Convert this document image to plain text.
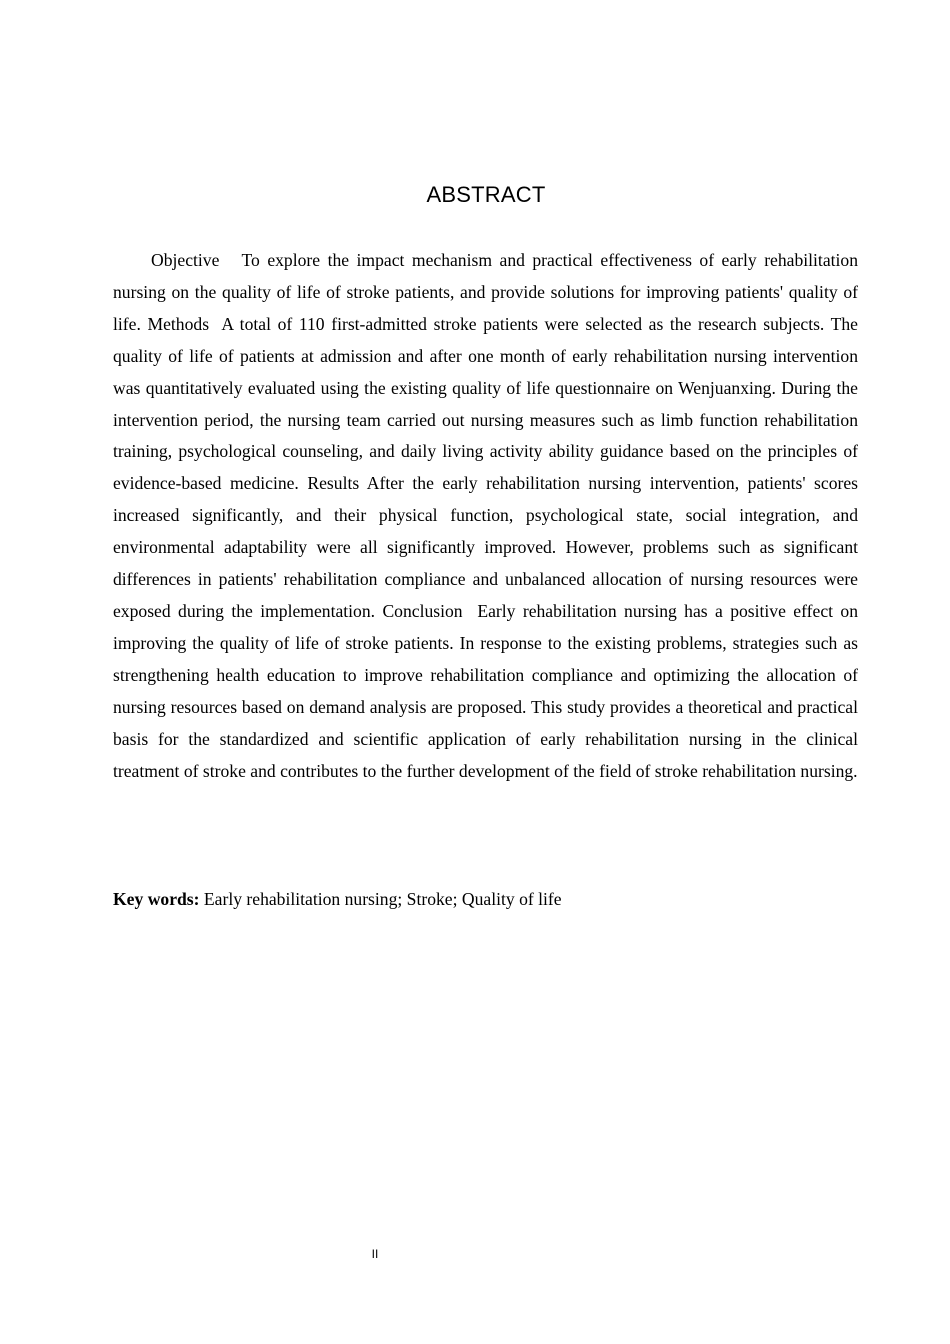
ABSTRACT

Objective To explore the impact mechanism and practical effectiveness of early rehabilitation nursing on the quality of life of stroke patients, and provide solutions for improving patients' quality of life. Methods A total of 110 first-admitted stroke patients were selected as the research subjects. The quality of life of patients at admission and after one month of early rehabilitation nursing intervention was quantitatively evaluated using the existing quality of life questionnaire on Wenjuanxing. During the intervention period, the nursing team carried out nursing measures such as limb function rehabilitation training, psychological counseling, and daily living activity ability guidance based on the principles of evidence-based medicine. Results After the early rehabilitation nursing intervention, patients' scores increased significantly, and their physical function, psychological state, social integration, and environmental adaptability were all significantly improved. However, problems such as significant differences in patients' rehabilitation compliance and unbalanced allocation of nursing resources were exposed during the implementation. Conclusion Early rehabilitation nursing has a positive effect on improving the quality of life of stroke patients. In response to the existing problems, strategies such as strengthening health education to improve rehabilitation compliance and optimizing the allocation of nursing resources based on demand analysis are proposed. This study provides a theoretical and practical basis for the standardized and scientific application of early rehabilitation nursing in the clinical treatment of stroke and contributes to the further development of the field of stroke rehabilitation nursing.

Key words: Early rehabilitation nursing; Stroke; Quality of life

II
